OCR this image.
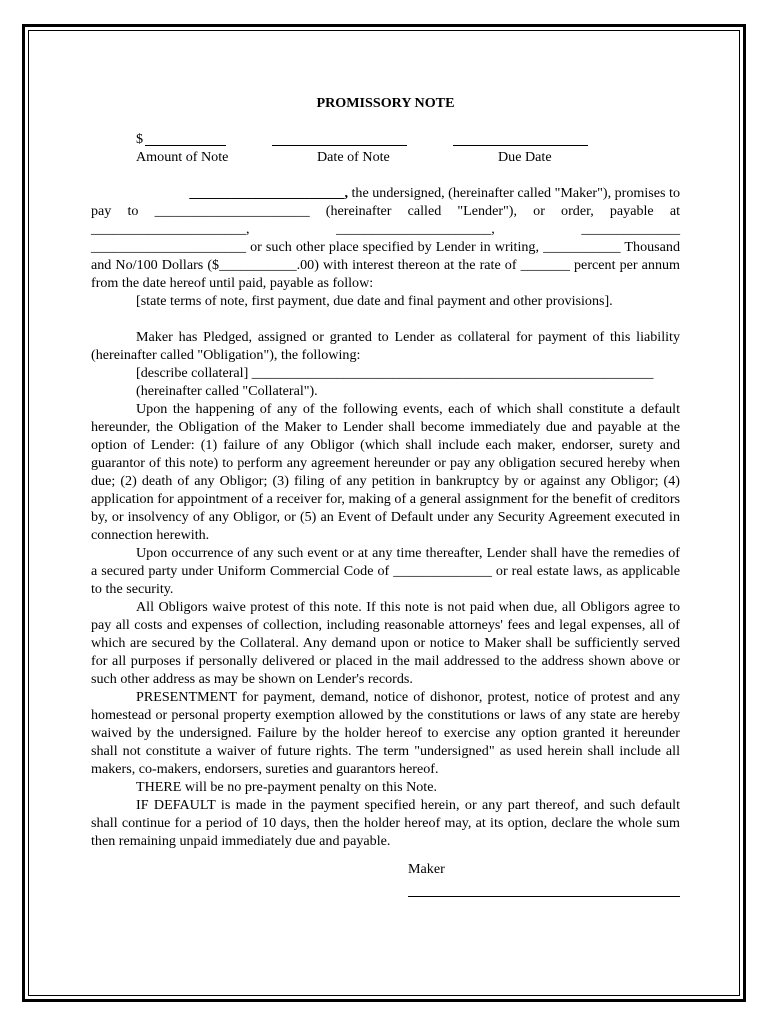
PROMISSORY NOTE
$
Amount of Note	Date of Note	Due Date

______________________, the undersigned, (hereinafter called "Maker"), promises to

pay to ______________________ (hereinafter called "Lender"), or order, payable at

______________________, ______________________, ______________

______________________ or such other place specified by Lender in writing, ___________ Thousand and No/100 Dollars ($___________.00) with interest thereon at the rate of _______ percent per annum from the date hereof until paid, payable as follow:

[state terms of note, first payment, due date and final payment and other provisions].

Maker has Pledged, assigned or granted to Lender as collateral for payment of this liability (hereinafter called "Obligation"), the following:

[describe collateral] _________________________________________________________

(hereinafter called "Collateral").

Upon the happening of any of the following events, each of which shall constitute a default hereunder, the Obligation of the Maker to Lender shall become immediately due and payable at the option of Lender: (1) failure of any Obligor (which shall include each maker, endorser, surety and guarantor of this note) to perform any agreement hereunder or pay any obligation secured hereby when due; (2) death of any Obligor; (3) filing of any petition in bankruptcy by or against any Obligor; (4) application for appointment of a receiver for, making of a general assignment for the benefit of creditors by, or insolvency of any Obligor, or (5) an Event of Default under any Security Agreement executed in connection herewith.

Upon occurrence of any such event or at any time thereafter, Lender shall have the remedies of a secured party under Uniform Commercial Code of ______________ or real estate laws, as applicable to the security.

All Obligors waive protest of this note. If this note is not paid when due, all Obligors agree to pay all costs and expenses of collection, including reasonable attorneys' fees and legal expenses, all of which are secured by the Collateral. Any demand upon or notice to Maker shall be sufficiently served for all purposes if personally delivered or placed in the mail addressed to the address shown above or such other address as may be shown on Lender's records.

PRESENTMENT for payment, demand, notice of dishonor, protest, notice of protest and any homestead or personal property exemption allowed by the constitutions or laws of any state are hereby waived by the undersigned. Failure by the holder hereof to exercise any option granted it hereunder shall not constitute a waiver of future rights. The term "undersigned" as used herein shall include all makers, co-makers, endorsers, sureties and guarantors hereof.

THERE will be no pre-payment penalty on this Note.

IF DEFAULT is made in the payment specified herein, or any part thereof, and such default shall continue for a period of 10 days, then the holder hereof may, at its option, declare the whole sum then remaining unpaid immediately due and payable.

Maker
